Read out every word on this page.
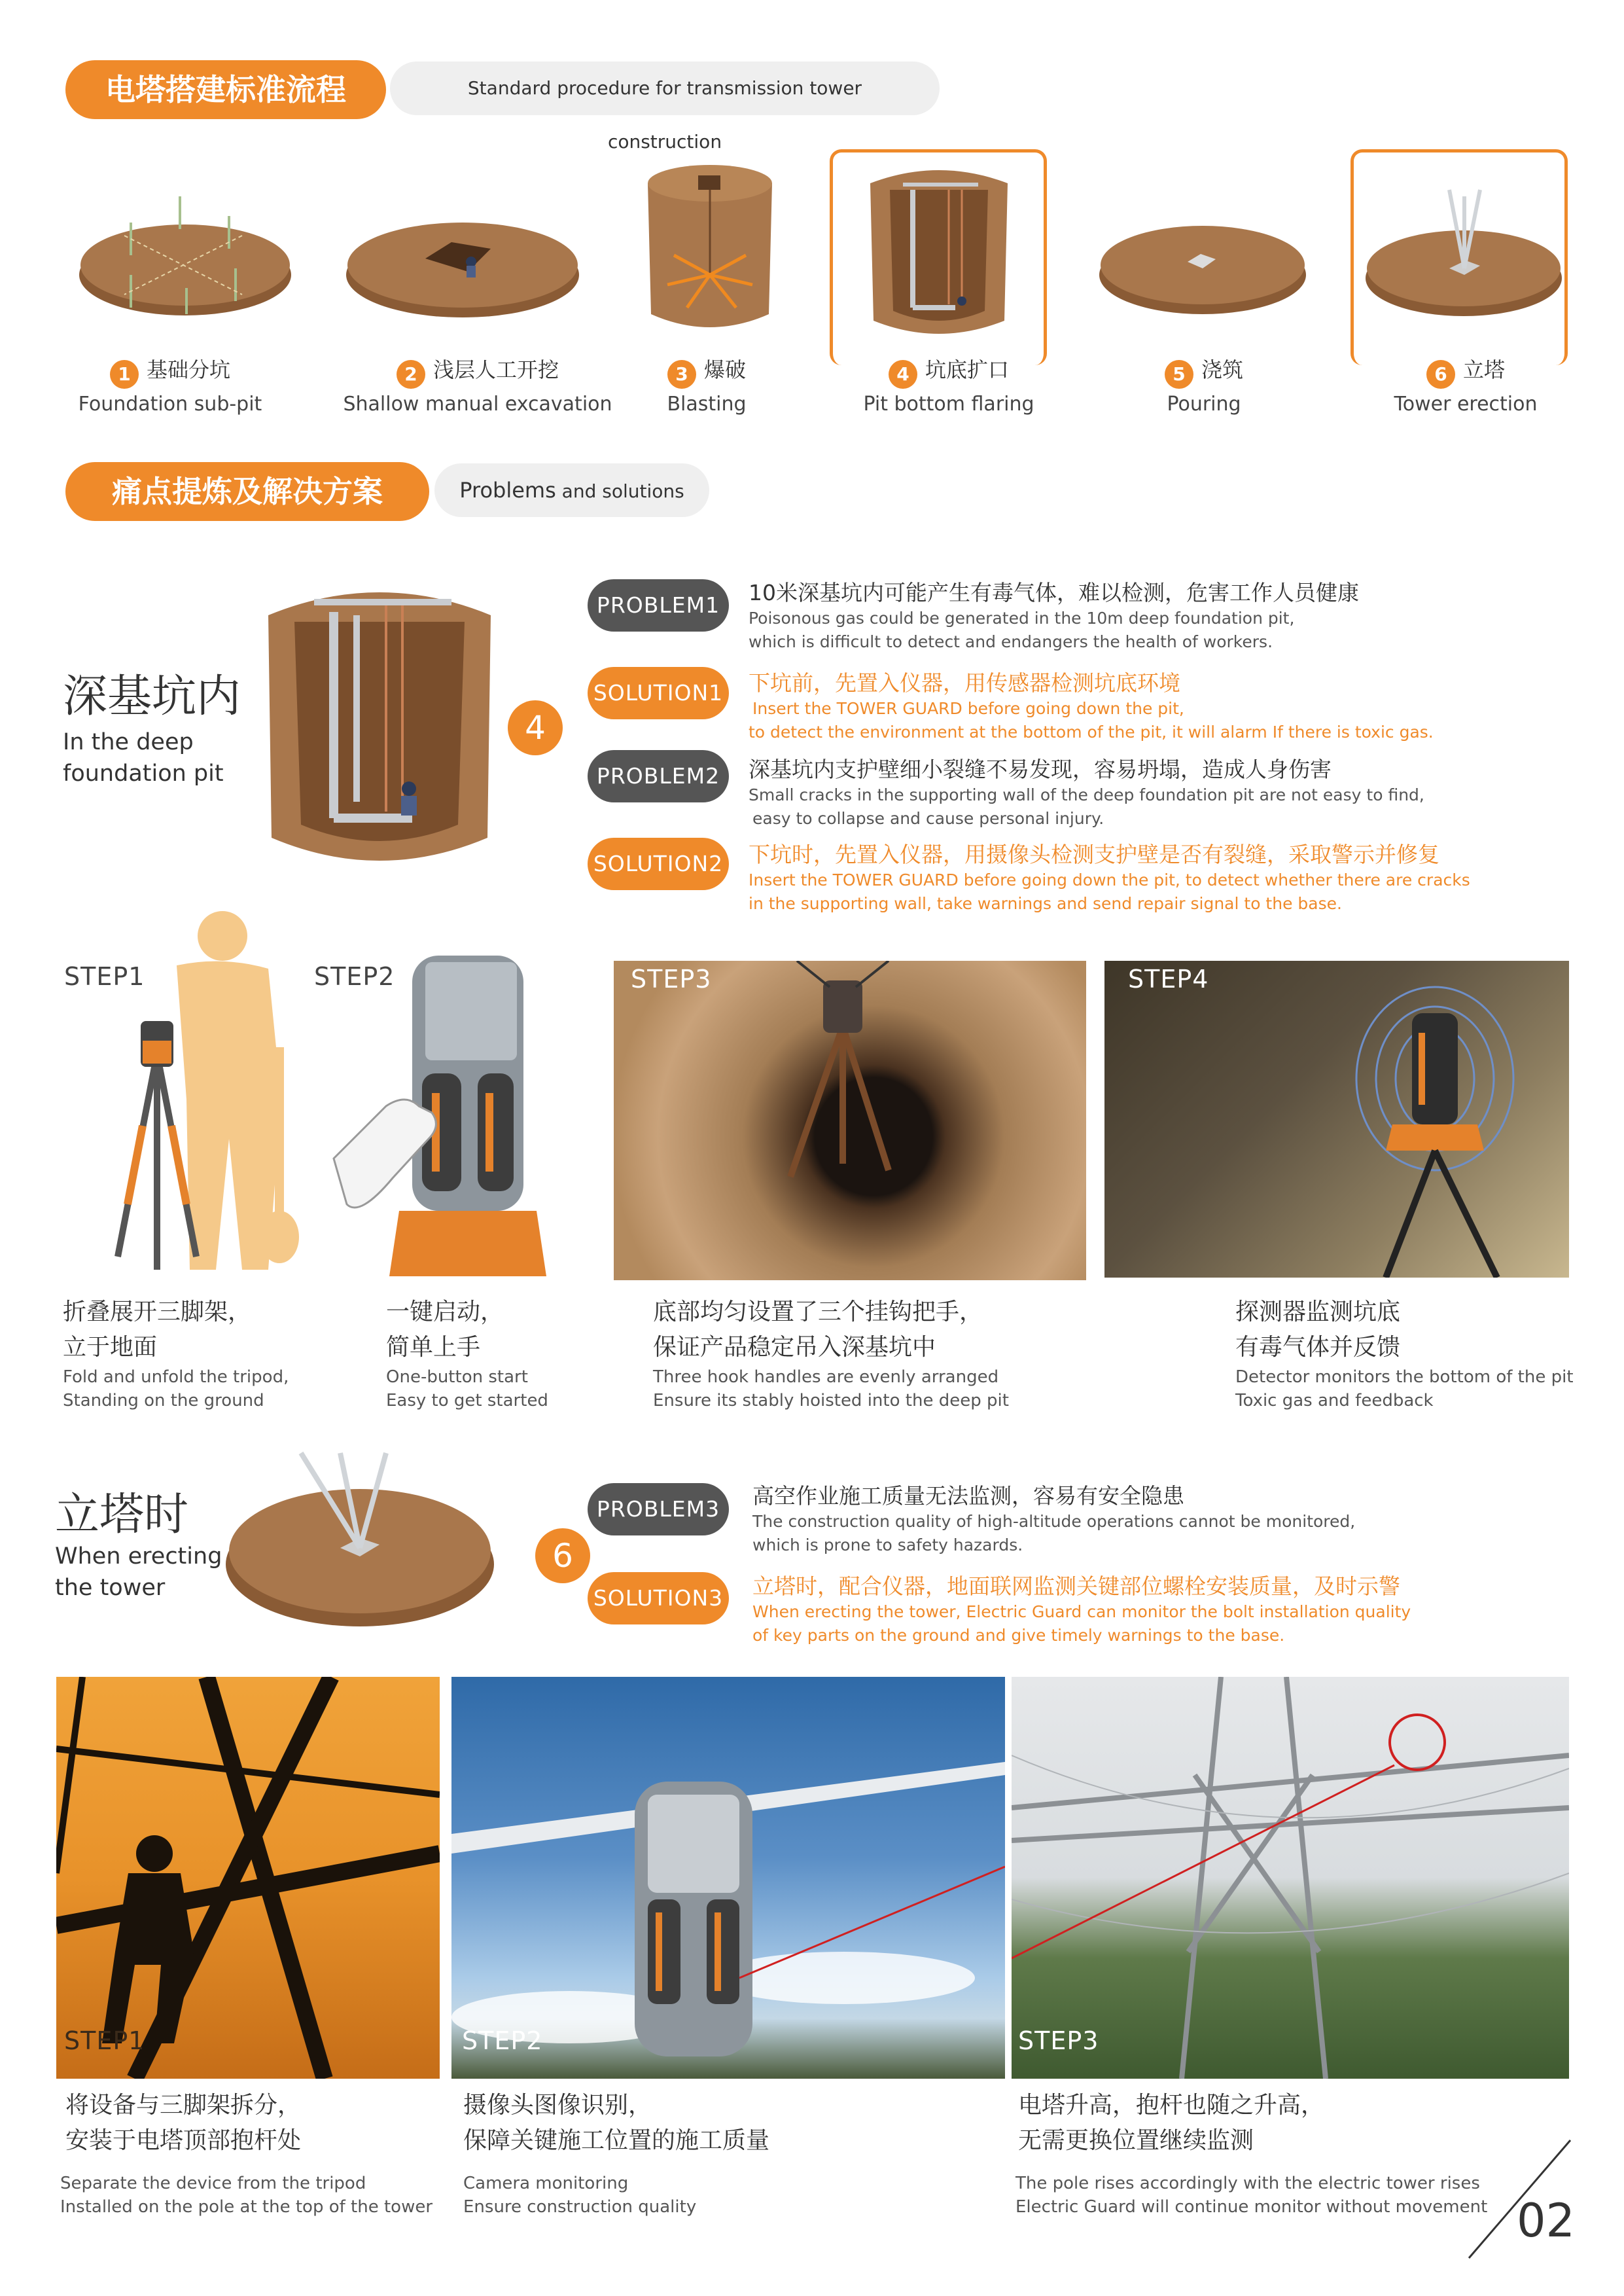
电塔搭建标准流程	Standard procedure for transmission tower construction
1 基础分坑
Foundation sub-pit
2 浅层人工开挖
Shallow manual excavation
3 爆破
Blasting
4 坑底扩口
Pit bottom flaring
5 浇筑
Pouring
6 立塔
Tower erection
痛点提炼及解决方案	Problems and solutions
深基坑内
In the deep
foundation pit
4
PROBLEM1	10米深基坑内可能产生有毒气体，难以检测，危害工作人员健康
Poisonous gas could be generated in the 10m deep foundation pit,
which is difficult to detect and endangers the health of workers.
SOLUTION1 下坑前，先置入仪器，用传感器检测坑底环境
Insert the TOWER GUARD before going down the pit,
to detect the environment at the bottom of the pit, it will alarm If there is toxic gas.
PROBLEM2	深基坑内支护壁细小裂缝不易发现，容易坍塌，造成人身伤害
Small cracks in the supporting wall of the deep foundation pit are not easy to find,
easy to collapse and cause personal injury.
SOLUTION2 下坑时，先置入仪器，用摄像头检测支护壁是否有裂缝，采取警示并修复
Insert the TOWER GUARD before going down the pit, to detect whether there are cracks
in the supporting wall, take warnings and send repair signal to the base.
STEP1	STEP2	STEP3	STEP4
折叠展开三脚架，
立于地面
Fold and unfold the tripod,
Standing on the ground
一键启动，
简单上手
One-button start
Easy to get started
底部均匀设置了三个挂钩把手，
保证产品稳定吊入深基坑中
Three hook handles are evenly arranged
Ensure its stably hoisted into the deep pit
探测器监测坑底
有毒气体并反馈
Detector monitors the bottom of the pit
Toxic gas and feedback
立塔时
When erecting
the tower
6
PROBLEM3
高空作业施工质量无法监测，容易有安全隐患
The construction quality of high-altitude operations cannot be monitored,
which is prone to safety hazards.
SOLUTION3 立塔时，配合仪器，地面联网监测关键部位螺栓安装质量，及时示警
When erecting the tower, Electric Guard can monitor the bolt installation quality
of key parts on the ground and give timely warnings to the base.
STEP1	STEP2	STEP3
将设备与三脚架拆分，
安装于电塔顶部抱杆处
Separate the device from the tripod
Installed on the pole at the top of the tower
摄像头图像识别，
保障关键施工位置的施工质量
Camera monitoring
Ensure construction quality
电塔升高，抱杆也随之升高，
无需更换位置继续监测
The pole rises accordingly with the electric tower rises
Electric Guard will continue monitor without movement 02
